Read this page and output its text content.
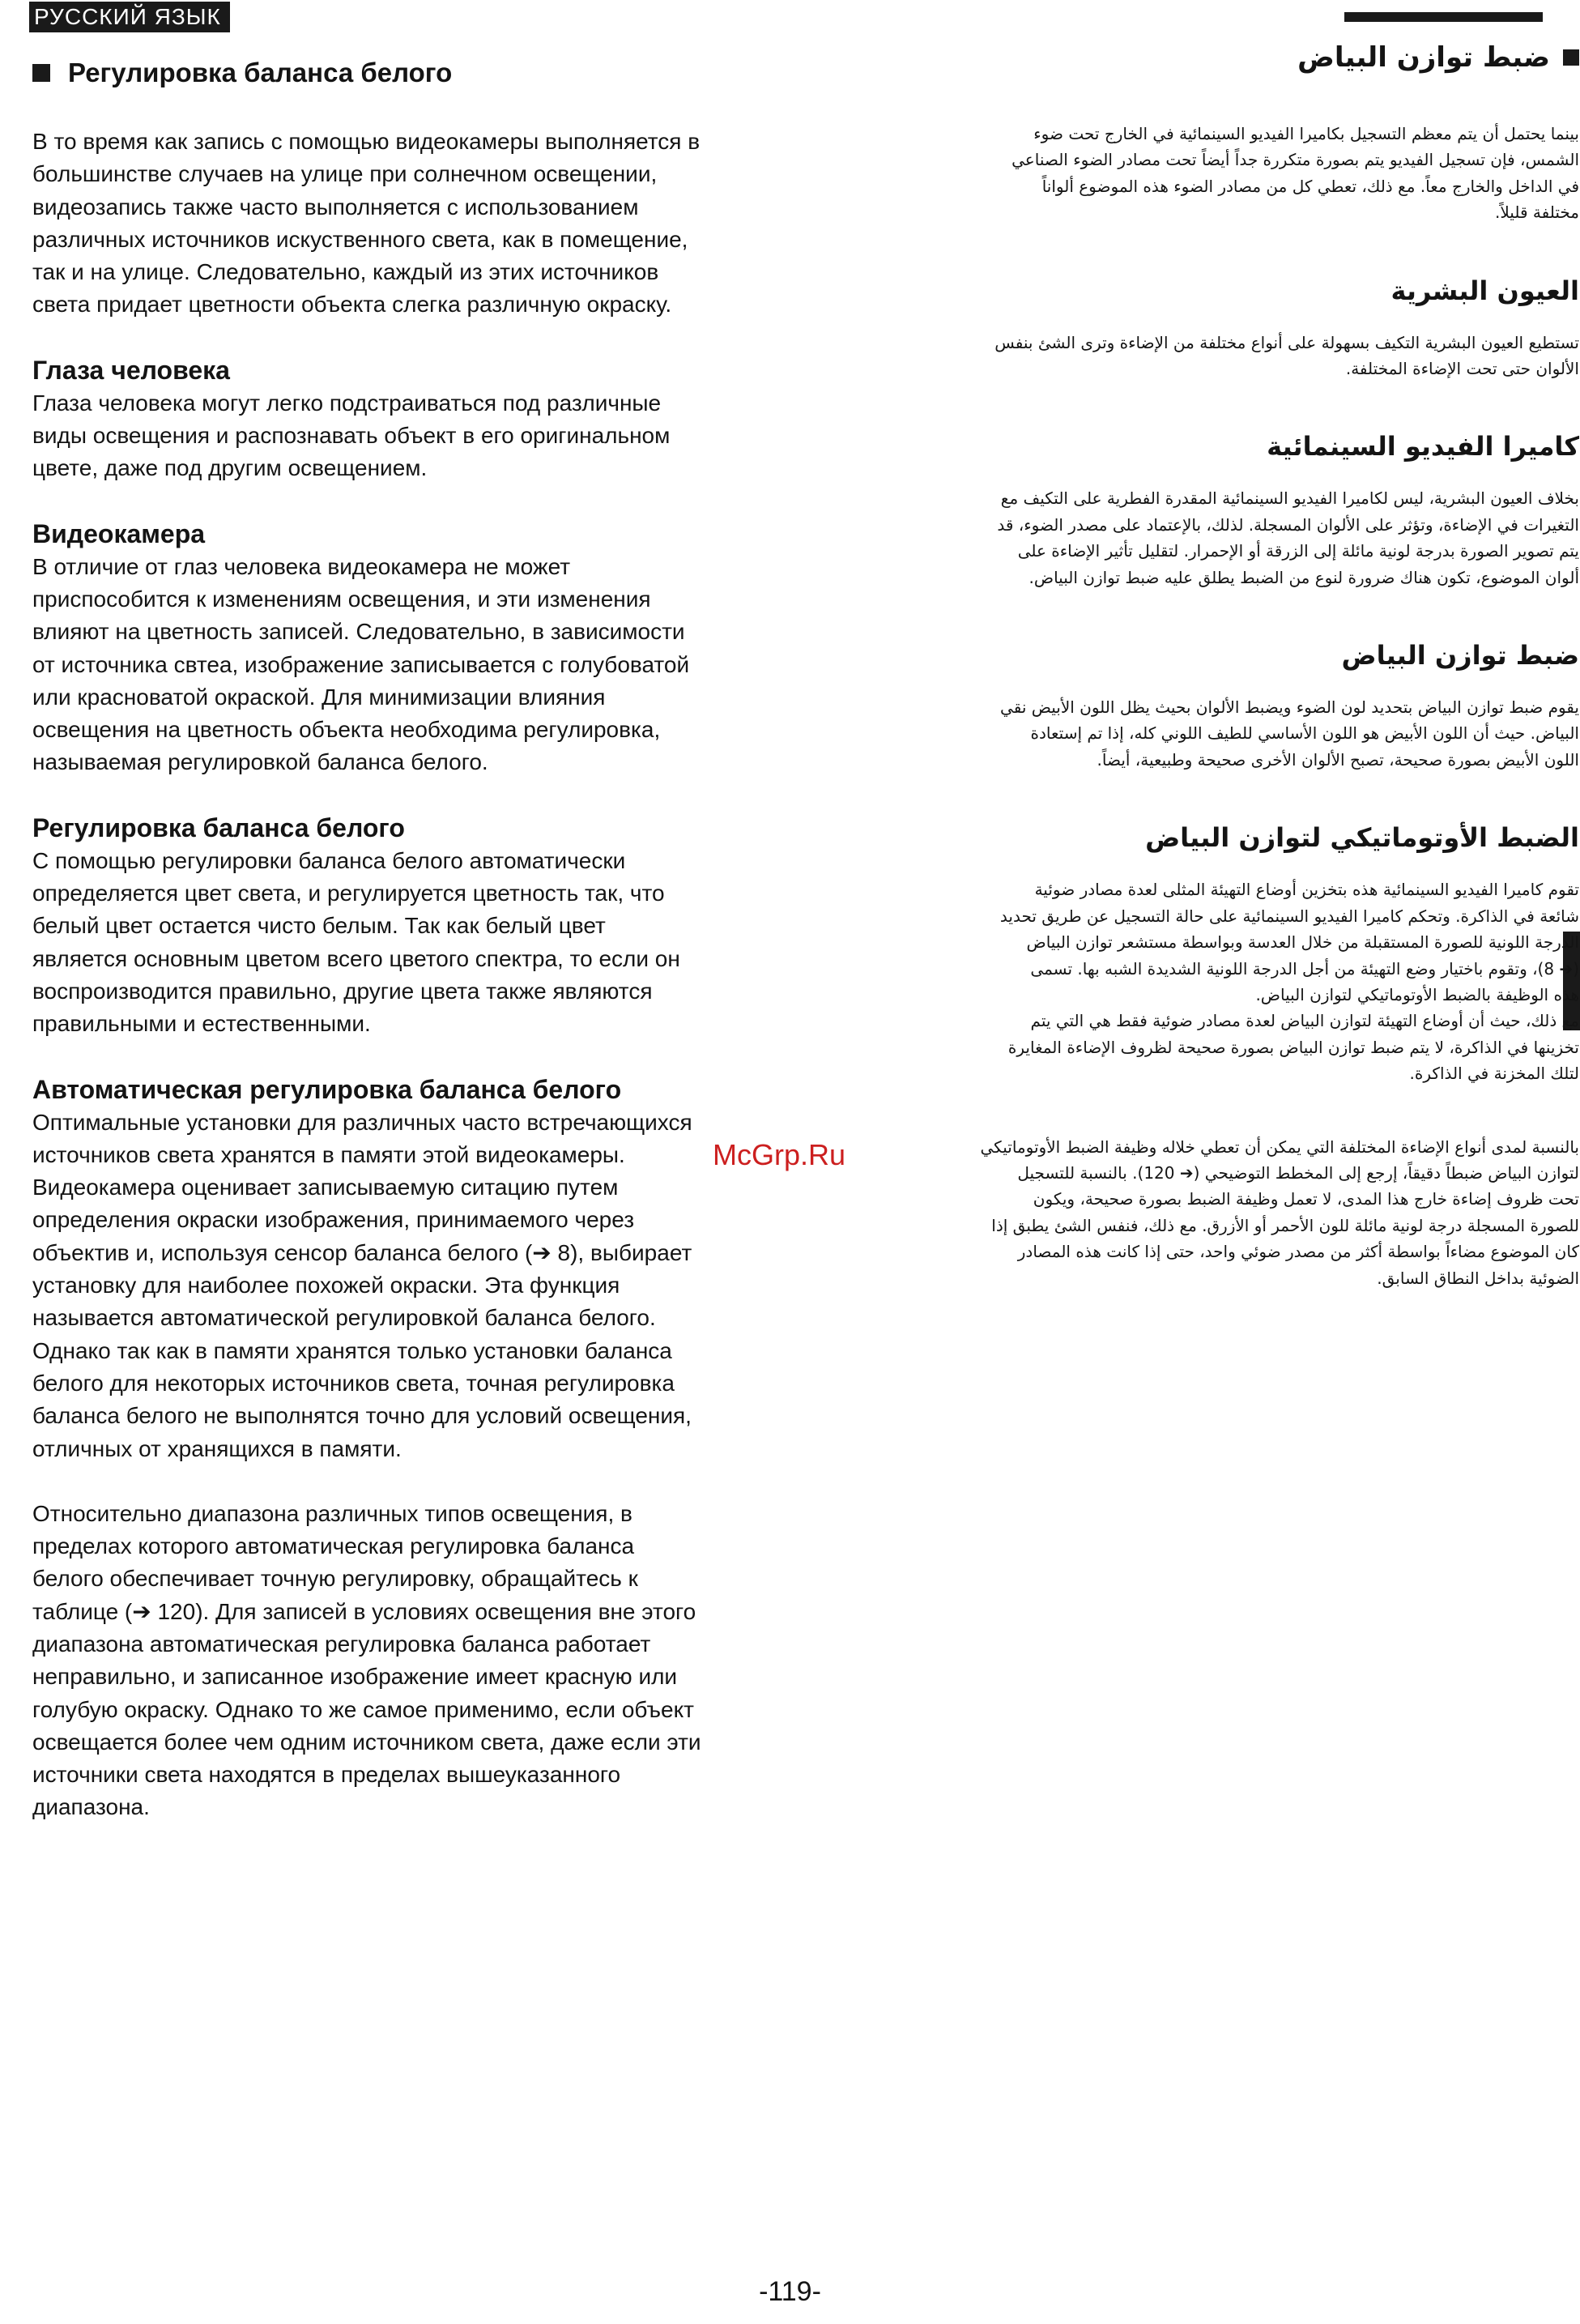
РУССКИЙ ЯЗЫК
Регулировка баланса белого
В то время как запись с помощью видеокамеры выполняется в
большинстве случаев на улице при солнечном освещении,
видеозапись также часто выполняется с использованием
различных источников искуственного света, как в помещение,
так и на улице. Следовательно, каждый из этих источников
света придает цветности объекта слегка различную окраску.
Глаза человека
Глаза человека могут легко подстраиваться под различные
виды освещения и распознавать объект в его оригинальном
цвете, даже под другим освещением.
Видеокамера
В отличие от глаз человека видеокамера не может
приспособится к изменениям освещения, и эти изменения
влияют на цветность записей. Следовательно, в зависимости
от источника свтеа, изображение записывается с голубоватой
или красноватой окраской. Для минимизации влияния
освещения на цветность объекта необходима регулировка,
называемая регулировкой баланса белого.
Регулировка баланса белого
С помощью регулировки баланса белого автоматически
определяется цвет света, и регулируется цветность так, что
белый цвет остается чисто белым. Так как белый цвет
является основным цветом всего цветого спектра, то если он
воспроизводится правильно, другие цвета также являются
правильными и естественными.
Автоматическая регулировка баланса белого
Оптимальные установки для различных часто встречающихся
источников света хранятся в памяти этой видеокамеры.
Видеокамера оценивает записываемую ситацию путем
определения окраски изображения, принимаемого через
объектив и, используя сенсор баланса белого (➔ 8), выбирает
установку для наиболее похожей окраски. Эта функция
называется автоматической регулировкой баланса белого.
Однако так как в памяти хранятся только установки баланса
белого для некоторых источников света, точная регулировка
баланса белого не выполнятся точно для условий освещения,
отличных от хранящихся в памяти.
Относительно диапазона различных типов освещения, в
пределах которого автоматическая регулировка баланса
белого обеспечивает точную регулировку, обращайтесь к
таблице (➔ 120). Для записей в условиях освещения вне этого
диапазона автоматическая регулировка баланса работает
неправильно, и записанное изображение имеет красную или
голубую окраску. Однако то же самое применимо, если объект
освещается более чем одним источником света, даже если эти
источники света находятся в пределах вышеуказанного
диапазона.
McGrp.Ru
ضبط توازن البياض
بينما يحتمل أن يتم معظم التسجيل بكاميرا الفيديو السينمائية في الخارج تحت ضوء
الشمس، فإن تسجيل الفيديو يتم بصورة متكررة جداً أيضاً تحت مصادر الضوء الصناعي
في الداخل والخارج معاً. مع ذلك، تعطي كل من مصادر الضوء هذه الموضوع ألواناً
مختلفة قليلاً.
العيون البشرية
تستطيع العيون البشرية التكيف بسهولة على أنواع مختلفة من الإضاءة وترى الشئ بنفس
الألوان حتى تحت الإضاءة المختلفة.
كاميرا الفيديو السينمائية
بخلاف العيون البشرية، ليس لكاميرا الفيديو السينمائية المقدرة الفطرية على التكيف مع
التغيرات في الإضاءة، وتؤثر على الألوان المسجلة. لذلك، بالإعتماد على مصدر الضوء، قد
يتم تصوير الصورة بدرجة لونية مائلة إلى الزرقة أو الإحمرار. لتقليل تأثير الإضاءة على
ألوان الموضوع، تكون هناك ضرورة لنوع من الضبط يطلق عليه ضبط توازن البياض.
ضبط توازن البياض
يقوم ضبط توازن البياض بتحديد لون الضوء ويضبط الألوان بحيث يظل اللون الأبيض نقي
البياض. حيث أن اللون الأبيض هو اللون الأساسي للطيف اللوني كله، إذا تم إستعادة
اللون الأبيض بصورة صحيحة، تصبح الألوان الأخرى صحيحة وطبيعية، أيضاً.
الضبط الأوتوماتيكي لتوازن البياض
تقوم كاميرا الفيديو السينمائية هذه بتخزين أوضاع التهيئة المثلى لعدة مصادر ضوئية
شائعة في الذاكرة. وتحكم كاميرا الفيديو السينمائية على حالة التسجيل عن طريق تحديد
الدرجة اللونية للصورة المستقبلة من خلال العدسة وبواسطة مستشعر توازن البياض
(➔ 8)، وتقوم باختيار وضع التهيئة من أجل الدرجة اللونية الشديدة الشبه بها. تسمى
هذه الوظيفة بالضبط الأوتوماتيكي لتوازن البياض.
مع ذلك، حيث أن أوضاع التهيئة لتوازن البياض لعدة مصادر ضوئية فقط هي التي يتم
تخزينها في الذاكرة، لا يتم ضبط توازن البياض بصورة صحيحة لظروف الإضاءة المغايرة
لتلك المخزنة في الذاكرة.
بالنسبة لمدى أنواع الإضاءة المختلفة التي يمكن أن تعطي خلاله وظيفة الضبط الأوتوماتيكي
لتوازن البياض ضبطاً دقيقاً، إرجع إلى المخطط التوضيحي (➔ 120). بالنسبة للتسجيل
تحت ظروف إضاءة خارج هذا المدى، لا تعمل وظيفة الضبط بصورة صحيحة، ويكون
للصورة المسجلة درجة لونية مائلة للون الأحمر أو الأزرق. مع ذلك، فنفس الشئ يطبق إذا
كان الموضوع مضاءاً بواسطة أكثر من مصدر ضوئي واحد، حتى إذا كانت هذه المصادر
الضوئية بداخل النطاق السابق.
-119-
